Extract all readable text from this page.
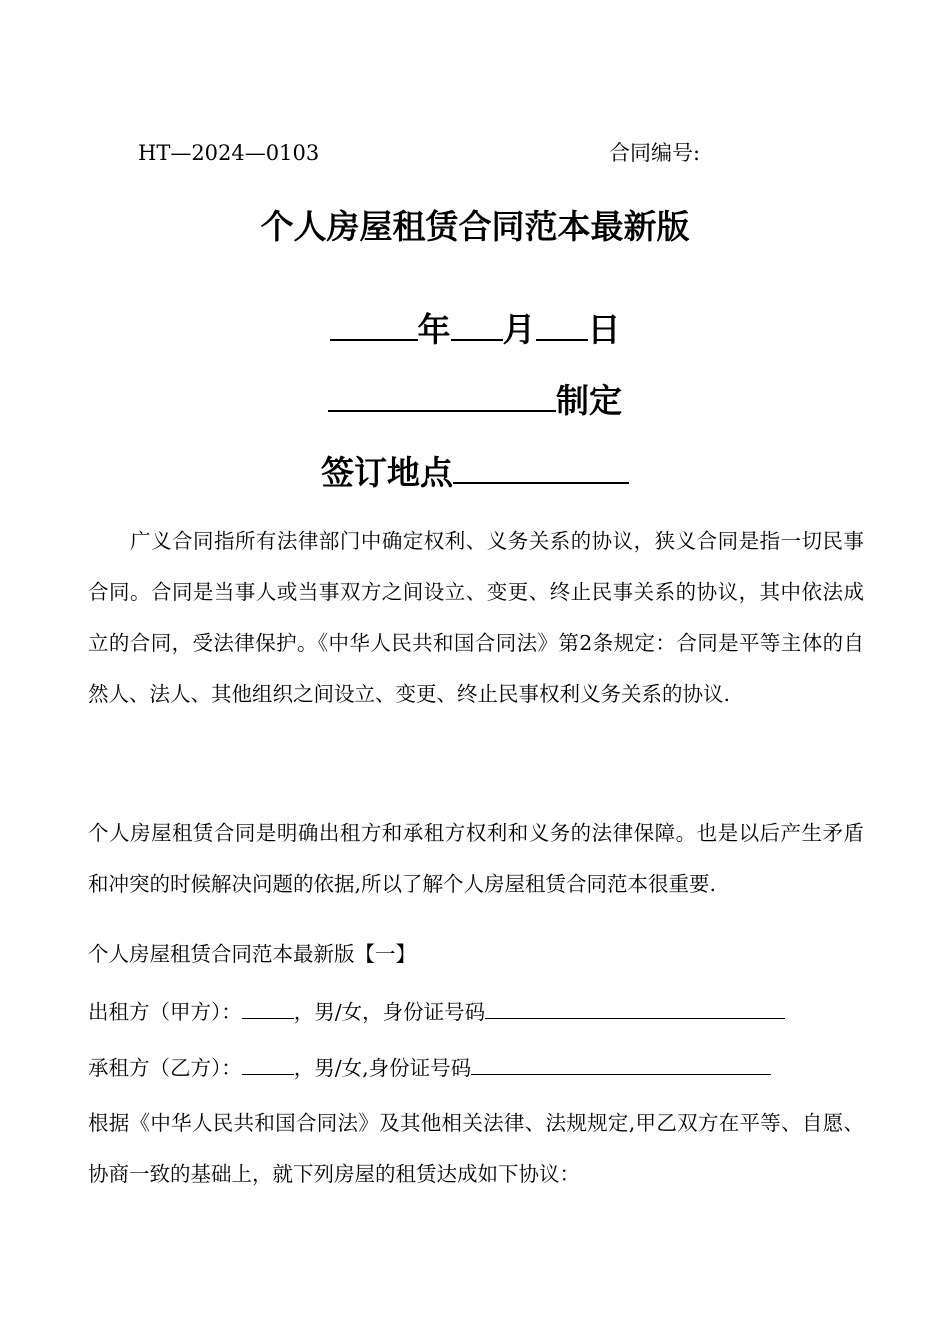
HT—2024—0103	合同编号:
个人房屋租赁合同范本最新版
年 月 日
制定
签订地点
广义合同指所有法律部门中确定权利、义务关系的协议，狭义合同是指一切民事合同。合同是当事人或当事双方之间设立、变更、终止民事关系的协议，其中依法成立的合同，受法律保护。《中华人民共和国合同法》第2条规定：合同是平等主体的自然人、法人、其他组织之间设立、变更、终止民事权利义务关系的协议.
个人房屋租赁合同是明确出租方和承租方权利和义务的法律保障。也是以后产生矛盾和冲突的时候解决问题的依据,所以了解个人房屋租赁合同范本很重要.
个人房屋租赁合同范本最新版【一】
出租方（甲方）：	，男/女，身份证号码
承租方（乙方）：	，男/女,身份证号码
根据《中华人民共和国合同法》及其他相关法律、法规规定,甲乙双方在平等、自愿、协商一致的基础上，就下列房屋的租赁达成如下协议：
